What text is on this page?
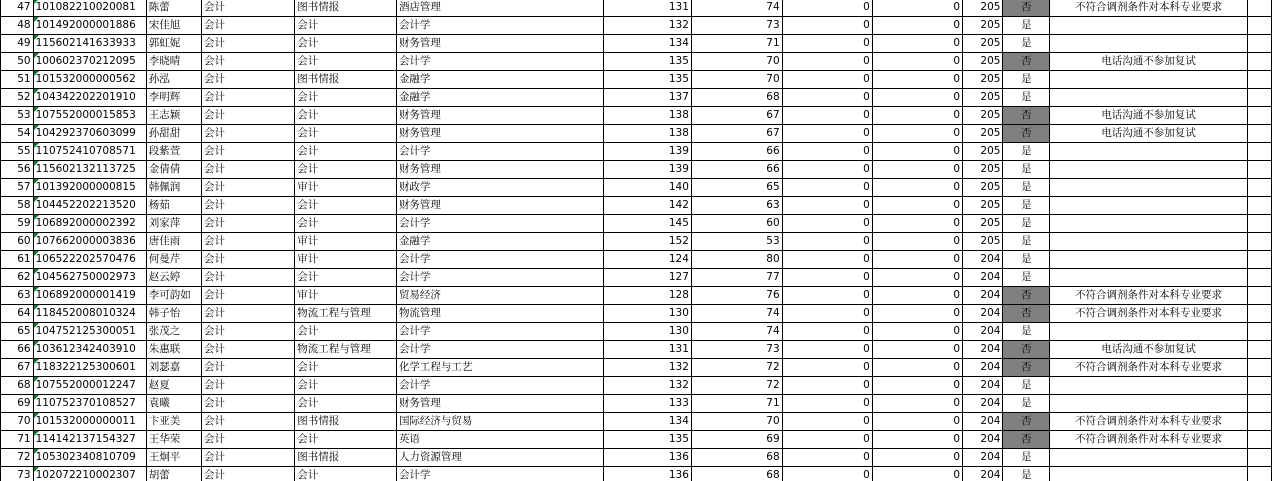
47	101082210020081	陈蕾	会计	图书情报	酒店管理	131	74	0	0	205	否	不符合调剂条件对本科专业要求	
48	101492000001886	宋佳旭	会计	会计	会计学	132	73	0	0	205	是		
49	115602141633933	郭虹妮	会计	会计	财务管理	134	71	0	0	205	是		
50	100602370212095	李晓晴	会计	会计	会计学	135	70	0	0	205	否	电话沟通不参加复试	
51	101532000000562	孙泓	会计	图书情报	金融学	135	70	0	0	205	是		
52	104342202201910	李明辉	会计	会计	金融学	137	68	0	0	205	是		
53	107552000015853	王志颖	会计	会计	财务管理	138	67	0	0	205	否	电话沟通不参加复试	
54	104292370603099	孙甜甜	会计	会计	财务管理	138	67	0	0	205	否	电话沟通不参加复试	
55	110752410708571	段紫萱	会计	会计	会计学	139	66	0	0	205	是		
56	115602132113725	金倩倩	会计	会计	财务管理	139	66	0	0	205	是		
57	101392000000815	韩佩润	会计	审计	财政学	140	65	0	0	205	是		
58	104452202213520	杨茹	会计	会计	财务管理	142	63	0	0	205	是		
59	106892000002392	刘家萍	会计	会计	会计学	145	60	0	0	205	是		
60	107662000003836	唐佳雨	会计	审计	金融学	152	53	0	0	205	是		
61	106522202570476	何曼芹	会计	审计	会计学	124	80	0	0	204	是		
62	104562750002973	赵云婷	会计	会计	会计学	127	77	0	0	204	是		
63	106892000001419	李可韵如	会计	审计	贸易经济	128	76	0	0	204	否	不符合调剂条件对本科专业要求	
64	118452008010324	韩子怡	会计	物流工程与管理	物流管理	130	74	0	0	204	否	不符合调剂条件对本科专业要求	
65	104752125300051	张茂之	会计	会计	会计学	130	74	0	0	204	是		
66	103612342403910	朱惠联	会计	物流工程与管理	会计学	131	73	0	0	204	否	电话沟通不参加复试	
67	118322125300601	刘瑟嘉	会计	会计	化学工程与工艺	132	72	0	0	204	否	不符合调剂条件对本科专业要求	
68	107552000012247	赵夏	会计	会计	会计学	132	72	0	0	204	是		
69	110752370108527	袁曦	会计	会计	财务管理	133	71	0	0	204	是		
70	101532000000011	卞亚美	会计	图书情报	国际经济与贸易	134	70	0	0	204	否	不符合调剂条件对本科专业要求	
71	114142137154327	王华荣	会计	会计	英语	135	69	0	0	204	否	不符合调剂条件对本科专业要求	
72	105302340810709	王炯平	会计	图书情报	人力资源管理	136	68	0	0	204	是		
73	102072210002307	胡蕾	会计	会计	会计学	136	68	0	0	204	是		
